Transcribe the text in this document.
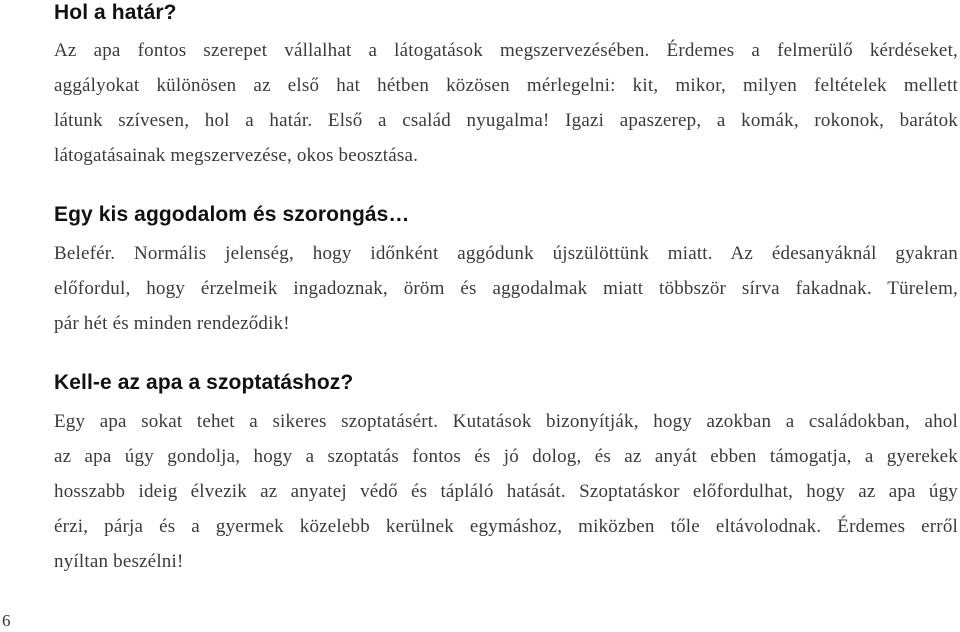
Hol a határ?

Az apa fontos szerepet vállalhat a látogatások megszervezésében. Érdemes a felmerülő kérdéseket,
aggályokat különösen az első hat hétben közösen mérlegelni: kit, mikor, milyen feltételek mellett
látunk szívesen, hol a határ. Első a család nyugalma! Igazi apaszerep, a komák, rokonok, barátok
látogatásainak megszervezése, okos beosztása.

Egy kis aggodalom és szorongás…

Belefér. Normális jelenség, hogy időnként aggódunk újszülöttünk miatt. Az édesanyáknál gyakran
előfordul, hogy érzelmeik ingadoznak, öröm és aggodalmak miatt többször sírva fakadnak. Türelem,
pár hét és minden rendeződik!

Kell-e az apa a szoptatáshoz?

Egy apa sokat tehet a sikeres szoptatásért. Kutatások bizonyítják, hogy azokban a családokban, ahol
az apa úgy gondolja, hogy a szoptatás fontos és jó dolog, és az anyát ebben támogatja, a gyerekek
hosszabb ideig élvezik az anyatej védő és tápláló hatását. Szoptatáskor előfordulhat, hogy az apa úgy
érzi, párja és a gyermek közelebb kerülnek egymáshoz, miközben tőle eltávolodnak. Érdemes erről
nyíltan beszélni!

6
